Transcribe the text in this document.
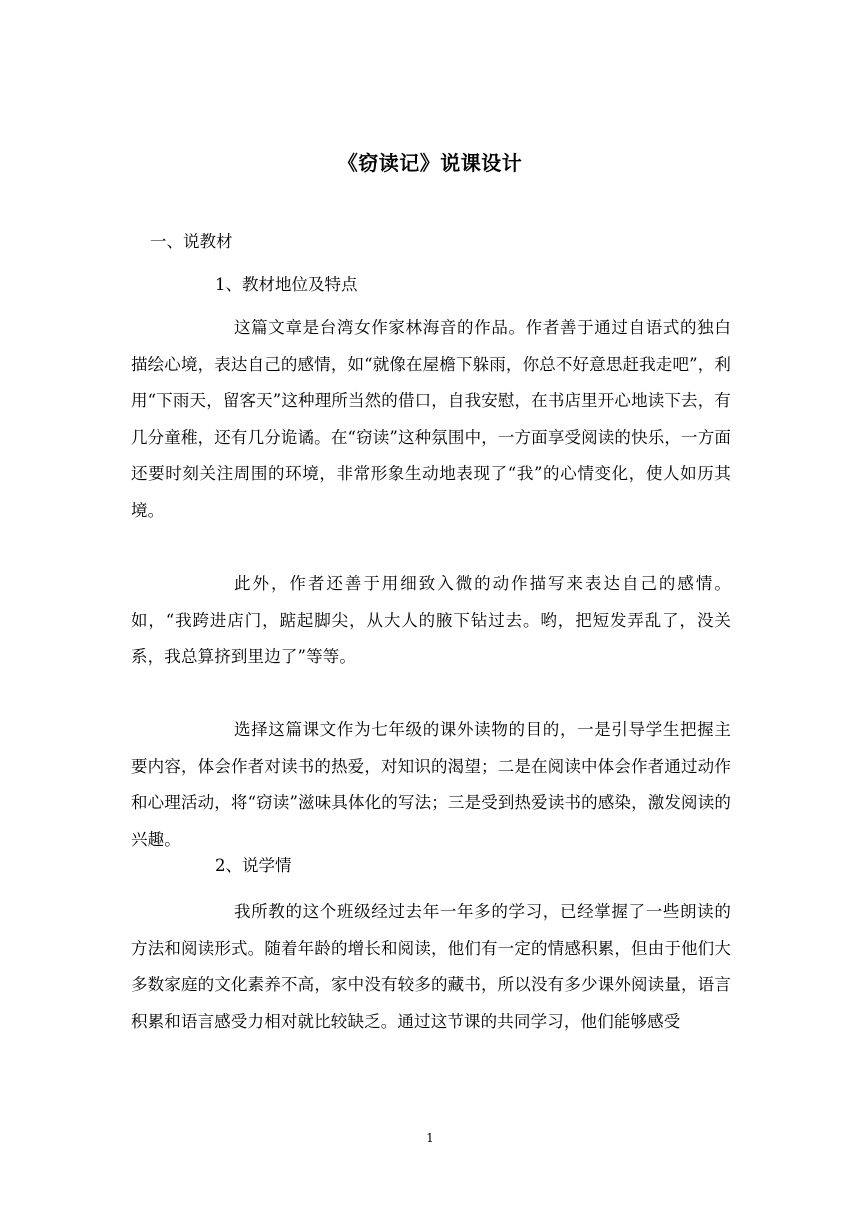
《窃读记》说课设计
一、说教材
1、教材地位及特点

这篇文章是台湾女作家林海音的作品。作者善于通过自语式的独白描绘心境，表达自己的感情，如“就像在屋檐下躲雨，你总不好意思赶我走吧”，利用“下雨天，留客天”这种理所当然的借口，自我安慰，在书店里开心地读下去，有几分童稚，还有几分诡谲。在“窃读”这种氛围中，一方面享受阅读的快乐，一方面还要时刻关注周围的环境，非常形象生动地表现了“我”的心情变化，使人如历其境。

此外，作者还善于用细致入微的动作描写来表达自己的感情。如，“我跨进店门，踮起脚尖，从大人的腋下钻过去。哟，把短发弄乱了，没关系，我总算挤到里边了”等等。

选择这篇课文作为七年级的课外读物的目的，一是引导学生把握主要内容，体会作者对读书的热爱，对知识的渴望；二是在阅读中体会作者通过动作和心理活动，将“窃读”滋味具体化的写法；三是受到热爱读书的感染，激发阅读的兴趣。

2、说学情

我所教的这个班级经过去年一年多的学习，已经掌握了一些朗读的方法和阅读形式。随着年龄的增长和阅读，他们有一定的情感积累，但由于他们大多数家庭的文化素养不高，家中没有较多的藏书，所以没有多少课外阅读量，语言积累和语言感受力相对就比较缺乏。通过这节课的共同学习，他们能够感受

1
